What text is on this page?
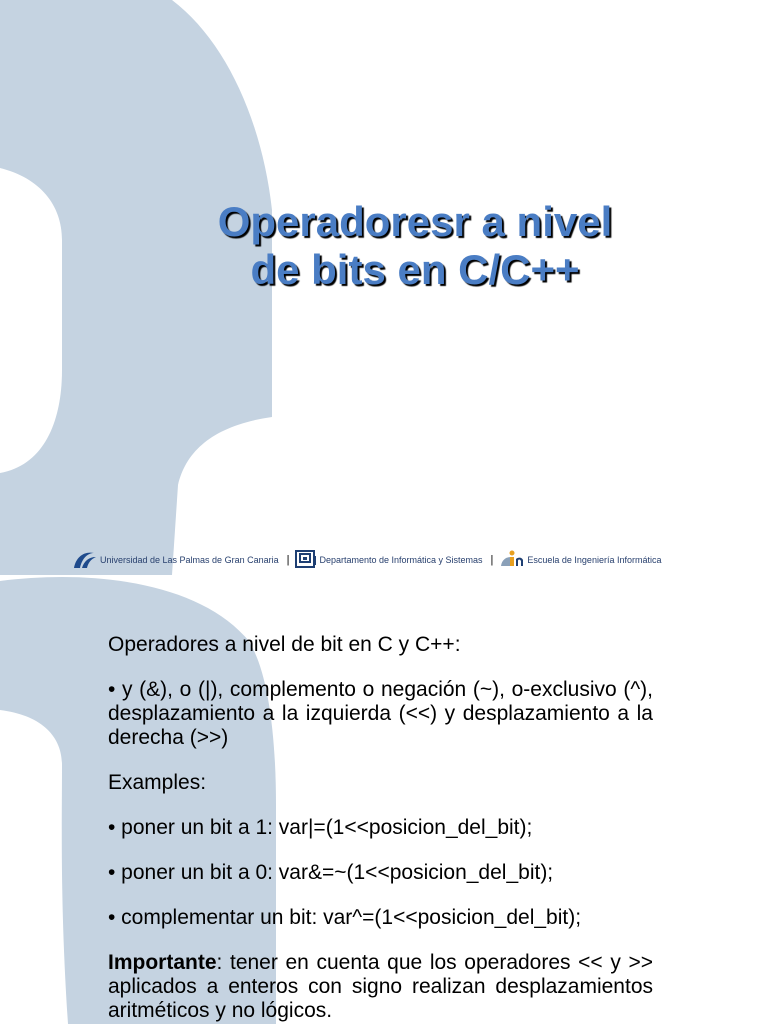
Operadoresr a nivel
de bits en C/C++
Universidad de Las Palmas de Gran Canaria |	Departamento de Informática y Sistemas |	Escuela de Ingeniería Informática

Operadores a nivel de bit en C y C++:

• y (&), o (|), complemento o negación (~), o-exclusivo (^), desplazamiento a la izquierda (<<) y desplazamiento a la derecha (>>)

Examples:

• poner un bit a 1: var|=(1<<posicion_del_bit);

• poner un bit a 0: var&=~(1<<posicion_del_bit);

• complementar un bit: var^=(1<<posicion_del_bit);

Importante: tener en cuenta que los operadores << y >> aplicados a enteros con signo realizan desplazamientos aritméticos y no lógicos.
